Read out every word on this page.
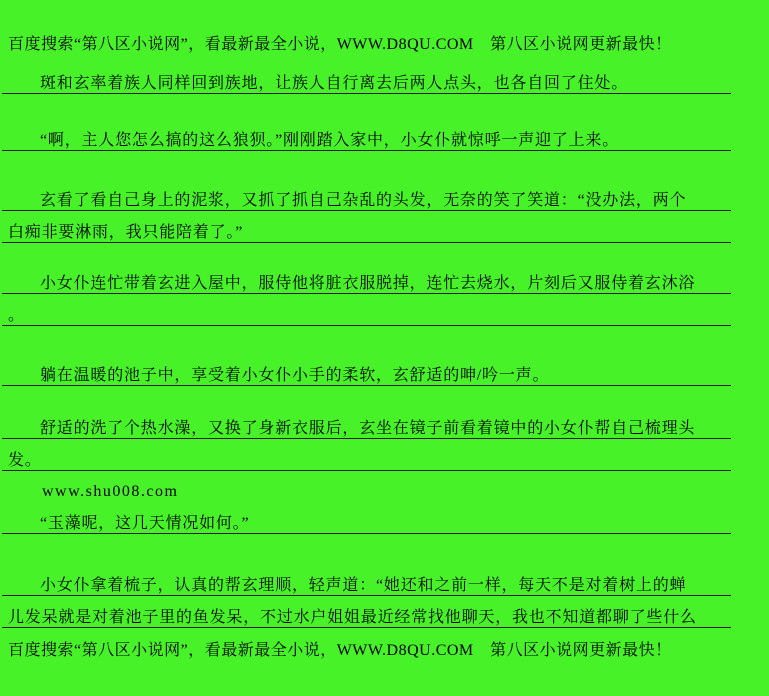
百度搜索“第八区小说网”，看最新最全小说，WWW.D8QU.COM　第八区小说网更新最快！
斑和玄率着族人同样回到族地，让族人自行离去后两人点头，也各自回了住处。
“啊，主人您怎么搞的这么狼狈。”刚刚踏入家中，小女仆就惊呼一声迎了上来。
玄看了看自己身上的泥浆，又抓了抓自己杂乱的头发，无奈的笑了笑道：“没办法，两个
白痴非要淋雨，我只能陪着了。”
小女仆连忙带着玄进入屋中，服侍他将脏衣服脱掉，连忙去烧水，片刻后又服侍着玄沐浴
。
躺在温暖的池子中，享受着小女仆小手的柔软，玄舒适的呻/吟一声。
舒适的洗了个热水澡，又换了身新衣服后，玄坐在镜子前看着镜中的小女仆帮自己梳理头
发。
www.shu008.com
“玉藻呢，这几天情况如何。”
小女仆拿着梳子，认真的帮玄理顺，轻声道：“她还和之前一样，每天不是对着树上的蝉
儿发呆就是对着池子里的鱼发呆，不过水户姐姐最近经常找他聊天，我也不知道都聊了些什么
百度搜索“第八区小说网”，看最新最全小说，WWW.D8QU.COM　第八区小说网更新最快！
